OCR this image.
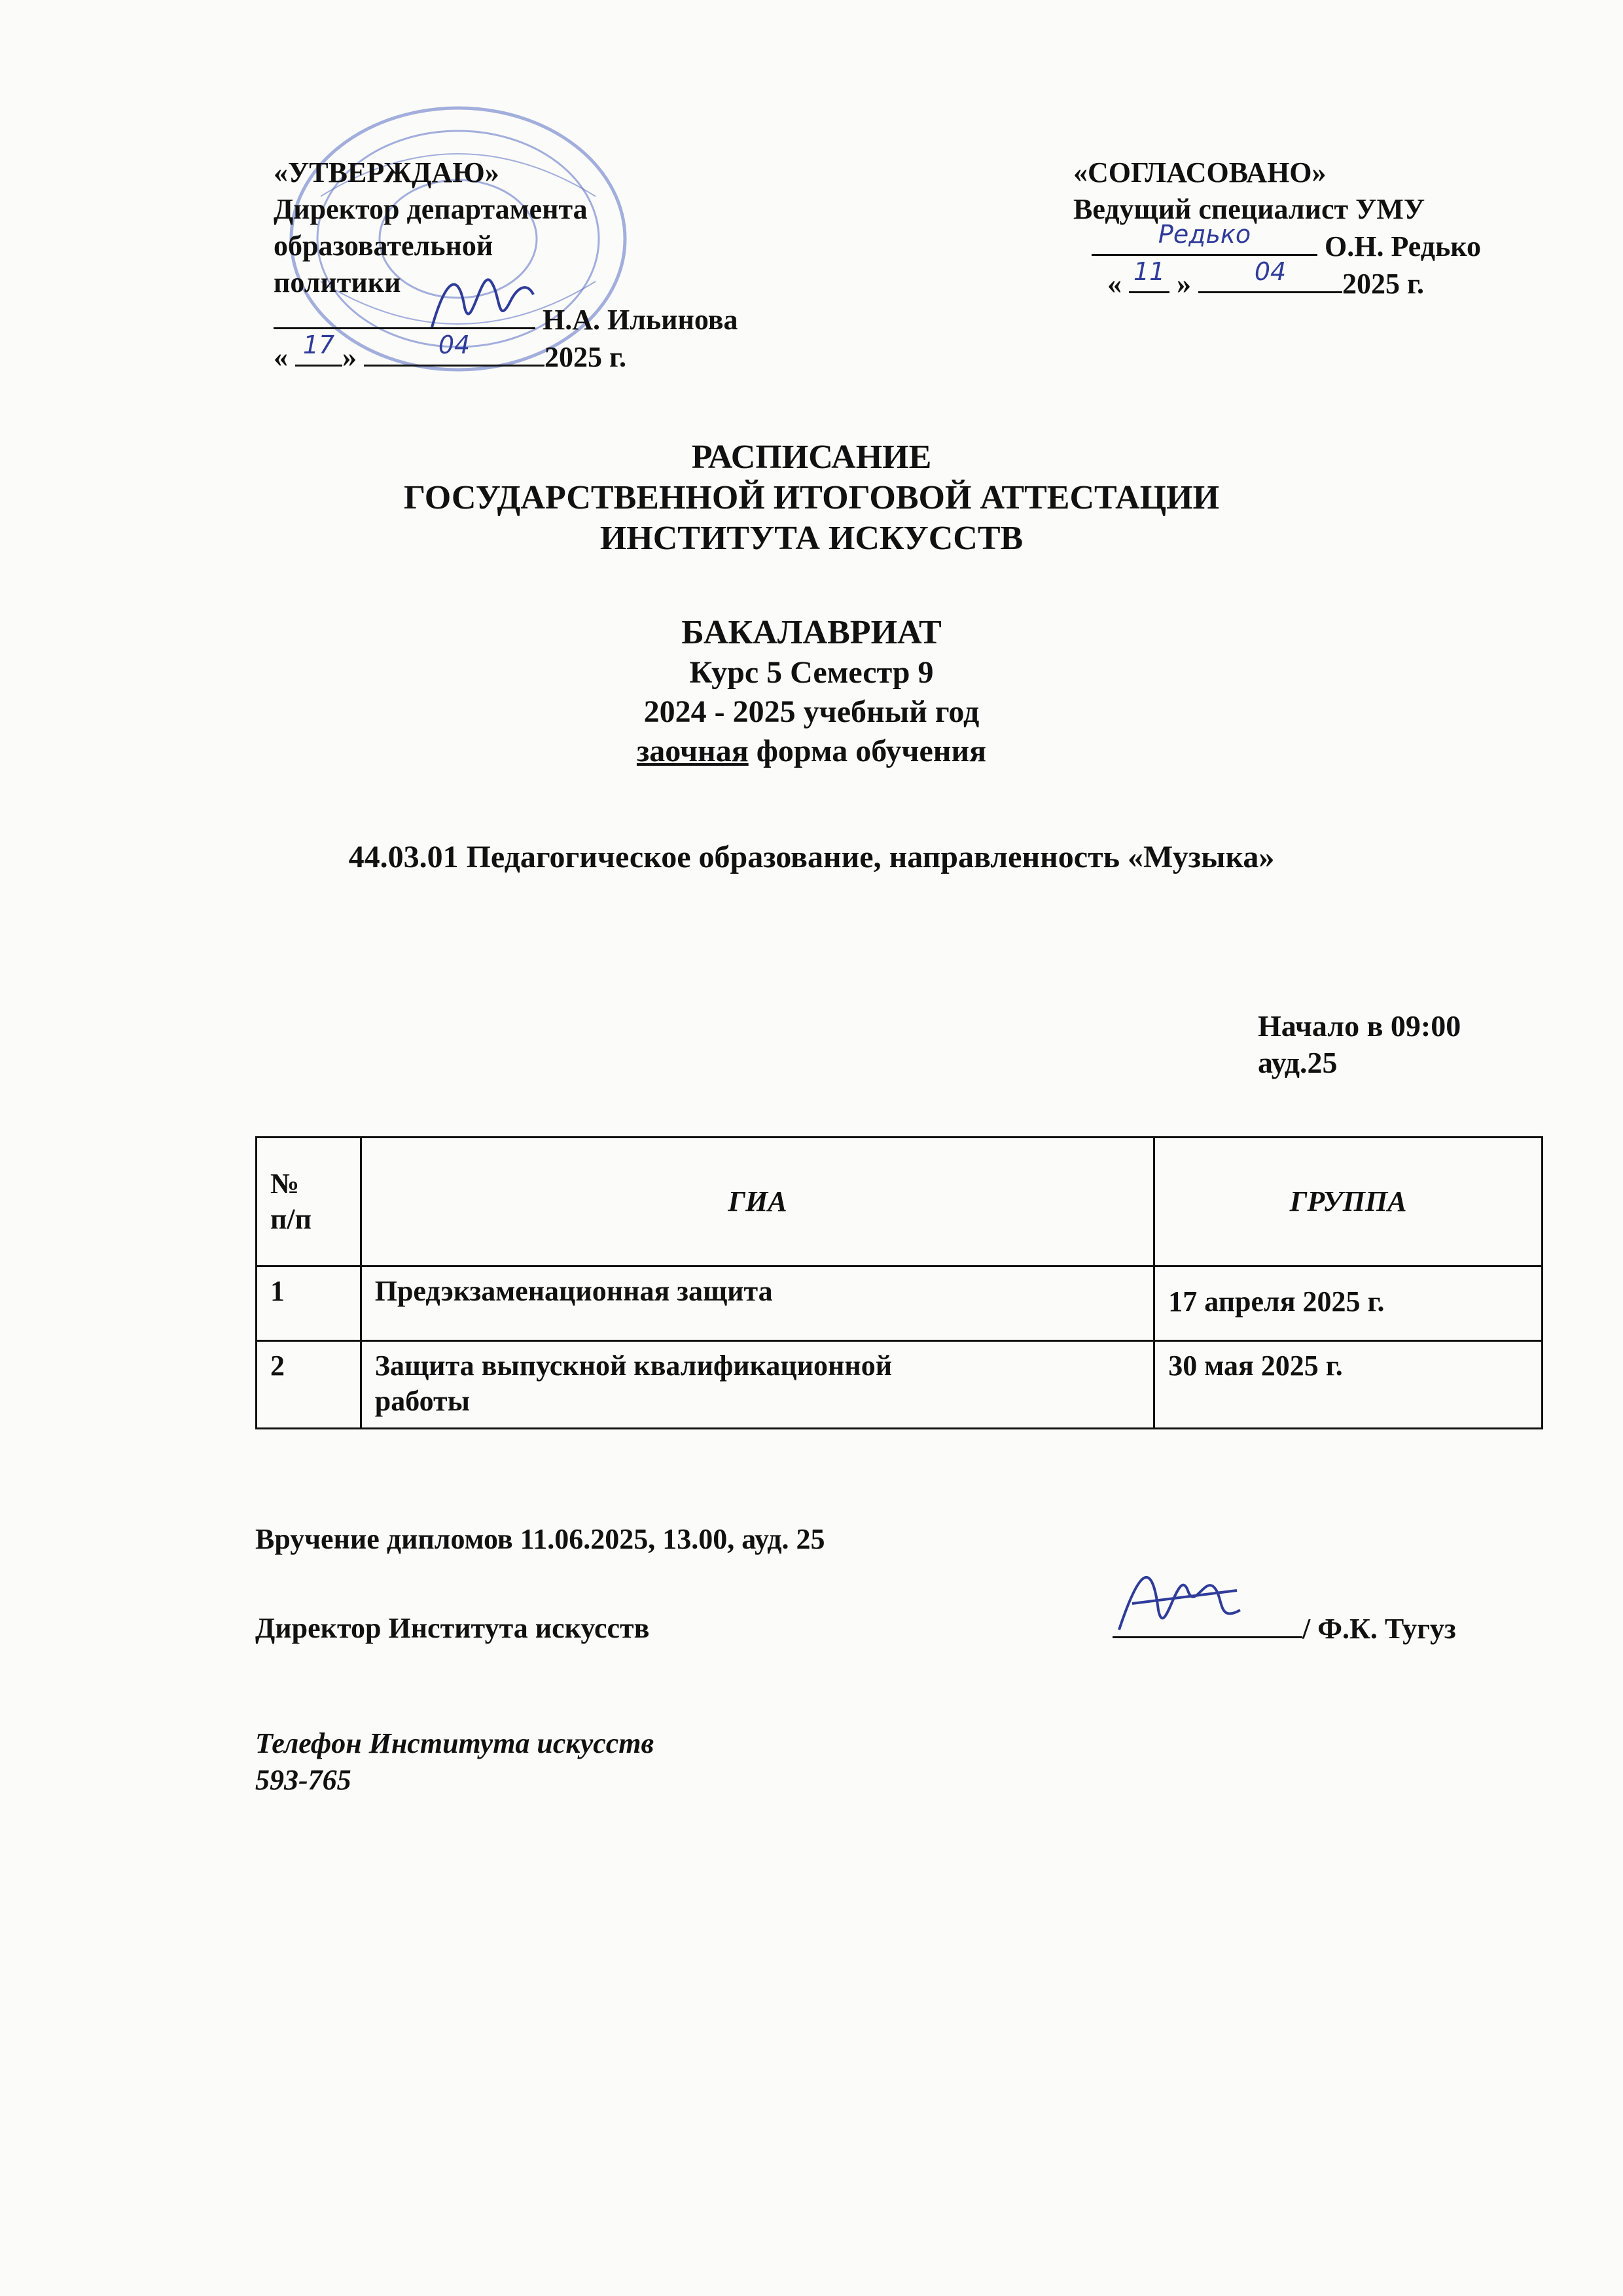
«УТВЕРЖДАЮ»
Директор департамента
образовательной
политики
Н.А. Ильинова
« 17 »	04	2025 г.
«СОГЛАСОВАНО»
Ведущий специалист УМУ
Редько	О.Н. Редько
« 11 »	04	2025 г.
РАСПИСАНИЕ
ГОСУДАРСТВЕННОЙ ИТОГОВОЙ АТТЕСТАЦИИ
ИНСТИТУТА ИСКУССТВ
БАКАЛАВРИАТ
Курс 5 Семестр 9
2024 - 2025 учебный год
заочная форма обучения
44.03.01 Педагогическое образование, направленность «Музыка»
Начало в 09:00
ауд.25
№
п/п	ГИА	ГРУППА
1	Предэкзаменационная защита	17 апреля 2025 г.
2	Защита выпускной квалификационной работы	30 мая 2025 г.
Вручение дипломов 11.06.2025, 13.00, ауд. 25
Директор Института искусств	/ Ф.К. Тугуз
Телефон Института искусств
593-765
